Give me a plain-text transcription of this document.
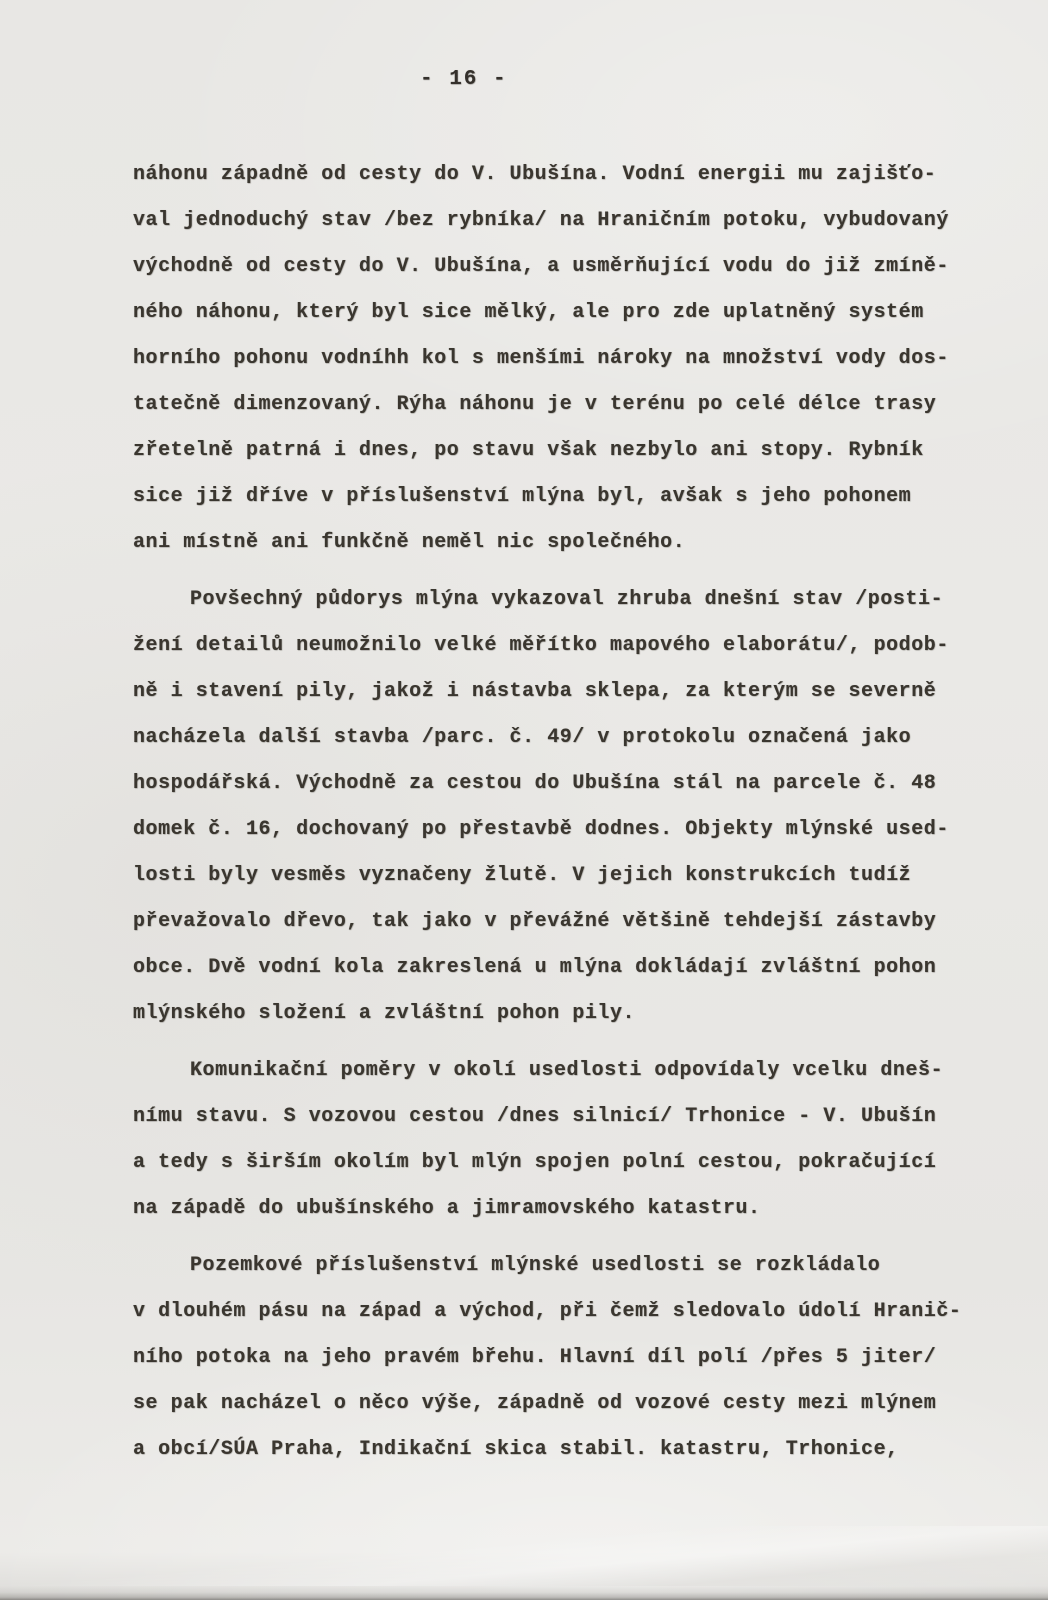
- 16 -
náhonu západně od cesty do V. Ubušína. Vodní energii mu zajišťo-
val jednoduchý stav /bez rybníka/ na Hraničním potoku, vybudovaný
východně od cesty do V. Ubušína, a usměrňující vodu do již zmíně-
ného náhonu, který byl sice mělký, ale pro zde uplatněný systém
horního pohonu vodníhh kol s menšími nároky na množství vody dos-
tatečně dimenzovaný. Rýha náhonu je v terénu po celé délce trasy
zřetelně patrná i dnes, po stavu však nezbylo ani stopy. Rybník
sice již dříve v příslušenství mlýna byl, avšak s jeho pohonem
ani místně ani funkčně neměl nic společného.
Povšechný půdorys mlýna vykazoval zhruba dnešní stav /posti-
žení detailů neumožnilo velké měřítko mapového elaborátu/, podob-
ně i stavení pily, jakož i nástavba sklepa, za kterým se severně
nacházela další stavba /parc. č. 49/ v protokolu označená jako
hospodářská. Východně za cestou do Ubušína stál na parcele č. 48
domek č. 16, dochovaný po přestavbě dodnes. Objekty mlýnské used-
losti byly vesměs vyznačeny žlutě. V jejich konstrukcích tudíž
převažovalo dřevo, tak jako v převážné většině tehdejší zástavby
obce. Dvě vodní kola zakreslená u mlýna dokládají zvláštní pohon
mlýnského složení a zvláštní pohon pily.
Komunikační poměry v okolí usedlosti odpovídaly vcelku dneš-
nímu stavu. S vozovou cestou /dnes silnicí/ Trhonice - V. Ubušín
a tedy s širším okolím byl mlýn spojen polní cestou, pokračující
na západě do ubušínského a jimramovského katastru.
Pozemkové příslušenství mlýnské usedlosti se rozkládalo
v dlouhém pásu na západ a východ, při čemž sledovalo údolí Hranič-
ního potoka na jeho pravém břehu. Hlavní díl polí /přes 5 jiter/
se pak nacházel o něco výše, západně od vozové cesty mezi mlýnem
a obcí/SÚA Praha, Indikační skica stabil. katastru, Trhonice,
